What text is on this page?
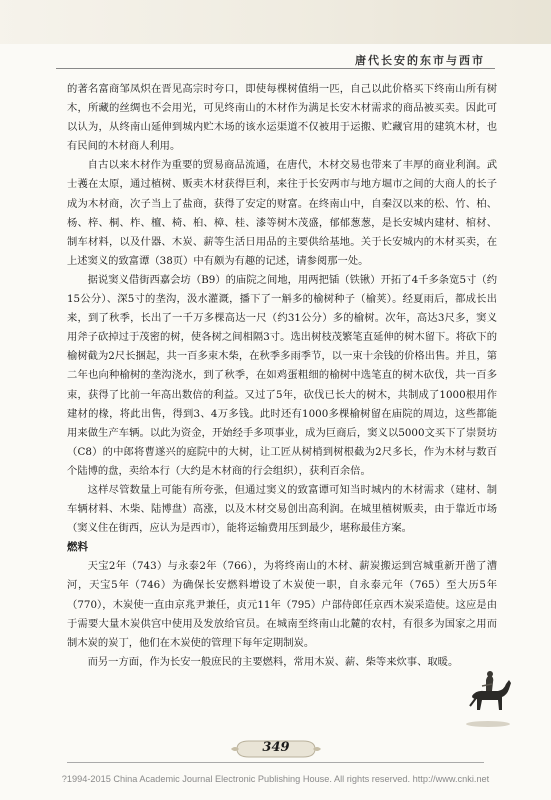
唐代长安的东市与西市

的著名富商邹凤炽在晋见高宗时夸口，即使每棵树值绢一匹，自己以此价格买下终南山所有树木，所藏的丝绸也不会用光，可见终南山的木材作为满足长安木材需求的商品被买卖。因此可以认为，从终南山延伸到城内贮木场的该水运渠道不仅被用于运搬、贮藏官用的建筑木材，也有民间的木材商人利用。

自古以来木材作为重要的贸易商品流通，在唐代，木材交易也带来了丰厚的商业利润。武士彟在太原，通过植树、贩卖木材获得巨利，来往于长安两市与地方堀市之间的大商人的长子成为木材商，次子当上了盐商，获得了安定的财富。在终南山中，自秦汉以来的松、竹、柏、杨、梓、桐、柞、檀、椅、桕、樟、桂、漆等树木茂盛，郁郁葱葱，是长安城内建材、棺材、制车材料，以及什器、木炭、薪等生活日用品的主要供给基地。关于长安城内的木材买卖，在上述窦义的致富谭（38页）中有颇为有趣的记述，请参阅那一处。

据说窦义借街西嘉会坊（B9）的庙院之间地，用两把锸（铁锹）开拓了4千多条宽5寸（约15公分）、深5寸的垄沟，汲水灌溉，播下了一斛多的榆树种子（榆荚）。经夏雨后，都成长出来，到了秋季，长出了一千万多棵高达一尺（约31公分）多的榆树。次年，高达3尺多，窦义用斧子砍掉过于茂密的树，使各树之间相隔3寸。选出树枝茂繁笔直延伸的树木留下。将砍下的榆树截为2尺长捆起，共一百多束木柴，在秋季多雨季节，以一束十余钱的价格出售。并且，第二年也向种榆树的垄沟浇水，到了秋季，在如鸡蛋粗细的榆树中选笔直的树木砍伐，共一百多束，获得了比前一年高出数倍的利益。又过了5年，砍伐已长大的树木，共制成了1000根用作建材的椽，将此出售，得到3、4万多钱。此时还有1000多棵榆树留在庙院的周边，这些都能用来做生产车辆。以此为资金，开始经手多项事业，成为巨商后，窦义以5000文买下了崇贤坊（C8）的中郎将曹遂兴的庭院中的大树，让工匠从树梢到树根截为2尺多长，作为木材与数百个陆博的盘，卖给本行（大约是木材商的行会组织），获利百余倍。

这样尽管数量上可能有所夸张，但通过窦义的致富谭可知当时城内的木材需求（建材、制车辆材料、木柴、陆博盘）高涨，以及木材交易创出高利润。在城里植树贩卖，由于靠近市场（窦义住在街西，应认为是西市），能将运输费用压到最少，堪称最佳方案。

燃料

天宝2年（743）与永泰2年（766），为将终南山的木材、薪炭搬运到宫城重新开凿了漕河，天宝5年（746）为确保长安燃料增设了木炭使一职，自永泰元年（765）至大历5年（770），木炭使一直由京兆尹兼任，贞元11年（795）户部侍郎任京西木炭采造使。这应是由于需要大量木炭供宫中使用及发放给官员。在城南至终南山北麓的农村，有很多为国家之用而制木炭的炭丁，他们在木炭使的管理下每年定期制炭。

而另一方面，作为长安一般庶民的主要燃料，常用木炭、薪、柴等来炊事、取暖。

349
?1994-2015 China Academic Journal Electronic Publishing House. All rights reserved. http://www.cnki.net
